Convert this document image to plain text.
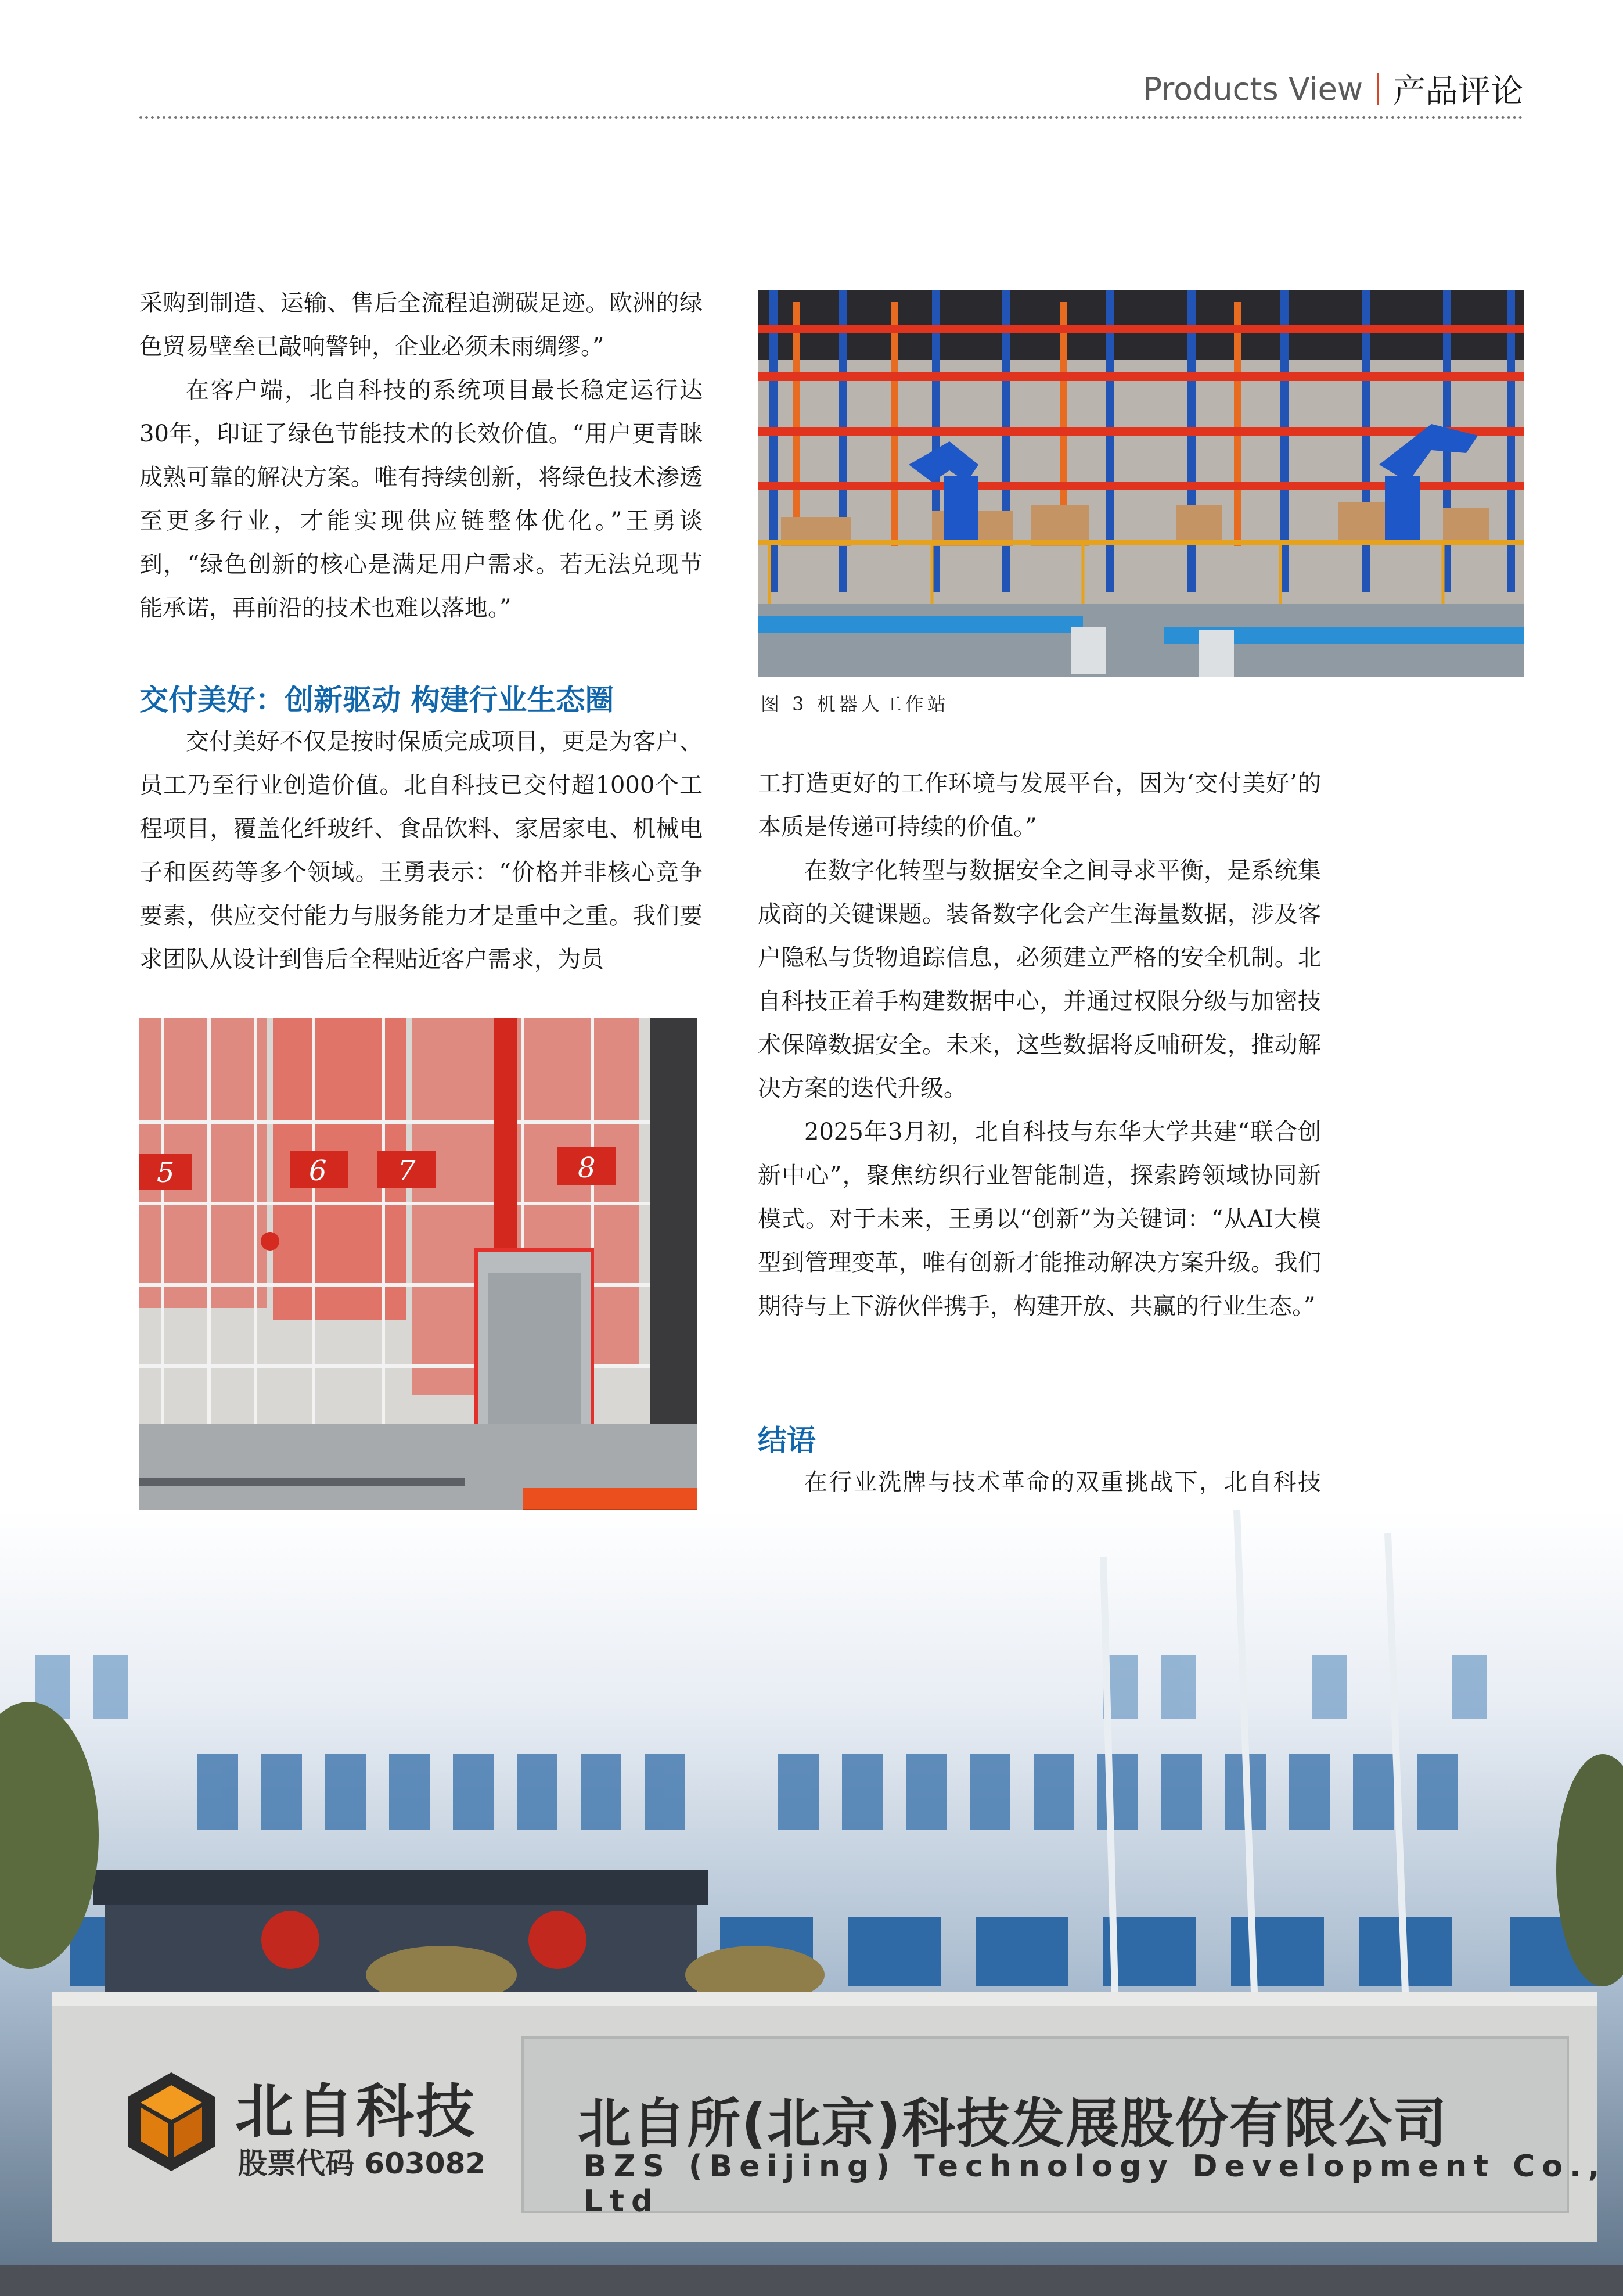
Products View 产品评论

采购到制造、运输、售后全流程追溯碳足迹。欧洲的绿色贸易壁垒已敲响警钟，企业必须未雨绸缪。”

在客户端，北自科技的系统项目最长稳定运行达30年，印证了绿色节能技术的长效价值。“用户更青睐成熟可靠的解决方案。唯有持续创新，将绿色技术渗透至更多行业，才能实现供应链整体优化。”王勇谈到，“绿色创新的核心是满足用户需求。若无法兑现节能承诺，再前沿的技术也难以落地。”

交付美好：创新驱动 构建行业生态圈

交付美好不仅是按时保质完成项目，更是为客户、员工乃至行业创造价值。北自科技已交付超1000个工程项目，覆盖化纤玻纤、食品饮料、家居家电、机械电子和医药等多个领域。王勇表示：“价格并非核心竞争要素，供应交付能力与服务能力才是重中之重。我们要求团队从设计到售后全程贴近客户需求，为员

图 3 机器人工作站

工打造更好的工作环境与发展平台，因为‘交付美好’的本质是传递可持续的价值。”

在数字化转型与数据安全之间寻求平衡，是系统集成商的关键课题。装备数字化会产生海量数据，涉及客户隐私与货物追踪信息，必须建立严格的安全机制。北自科技正着手构建数据中心，并通过权限分级与加密技术保障数据安全。未来，这些数据将反哺研发，推动解决方案的迭代升级。

2025年3月初，北自科技与东华大学共建“联合创新中心”，聚焦纺织行业智能制造，探索跨领域协同新模式。对于未来，王勇以“创新”为关键词：“从AI大模型到管理变革，唯有创新才能推动解决方案升级。我们期待与上下游伙伴携手，构建开放、共赢的行业生态。”

结语

在行业洗牌与技术革命的双重挑战下，北自科技

5	6	7	8
北自科技
股票代码 603082
北自所(北京)科技发展股份有限公司
BZS (Beijing) Technology Development Co., Ltd
